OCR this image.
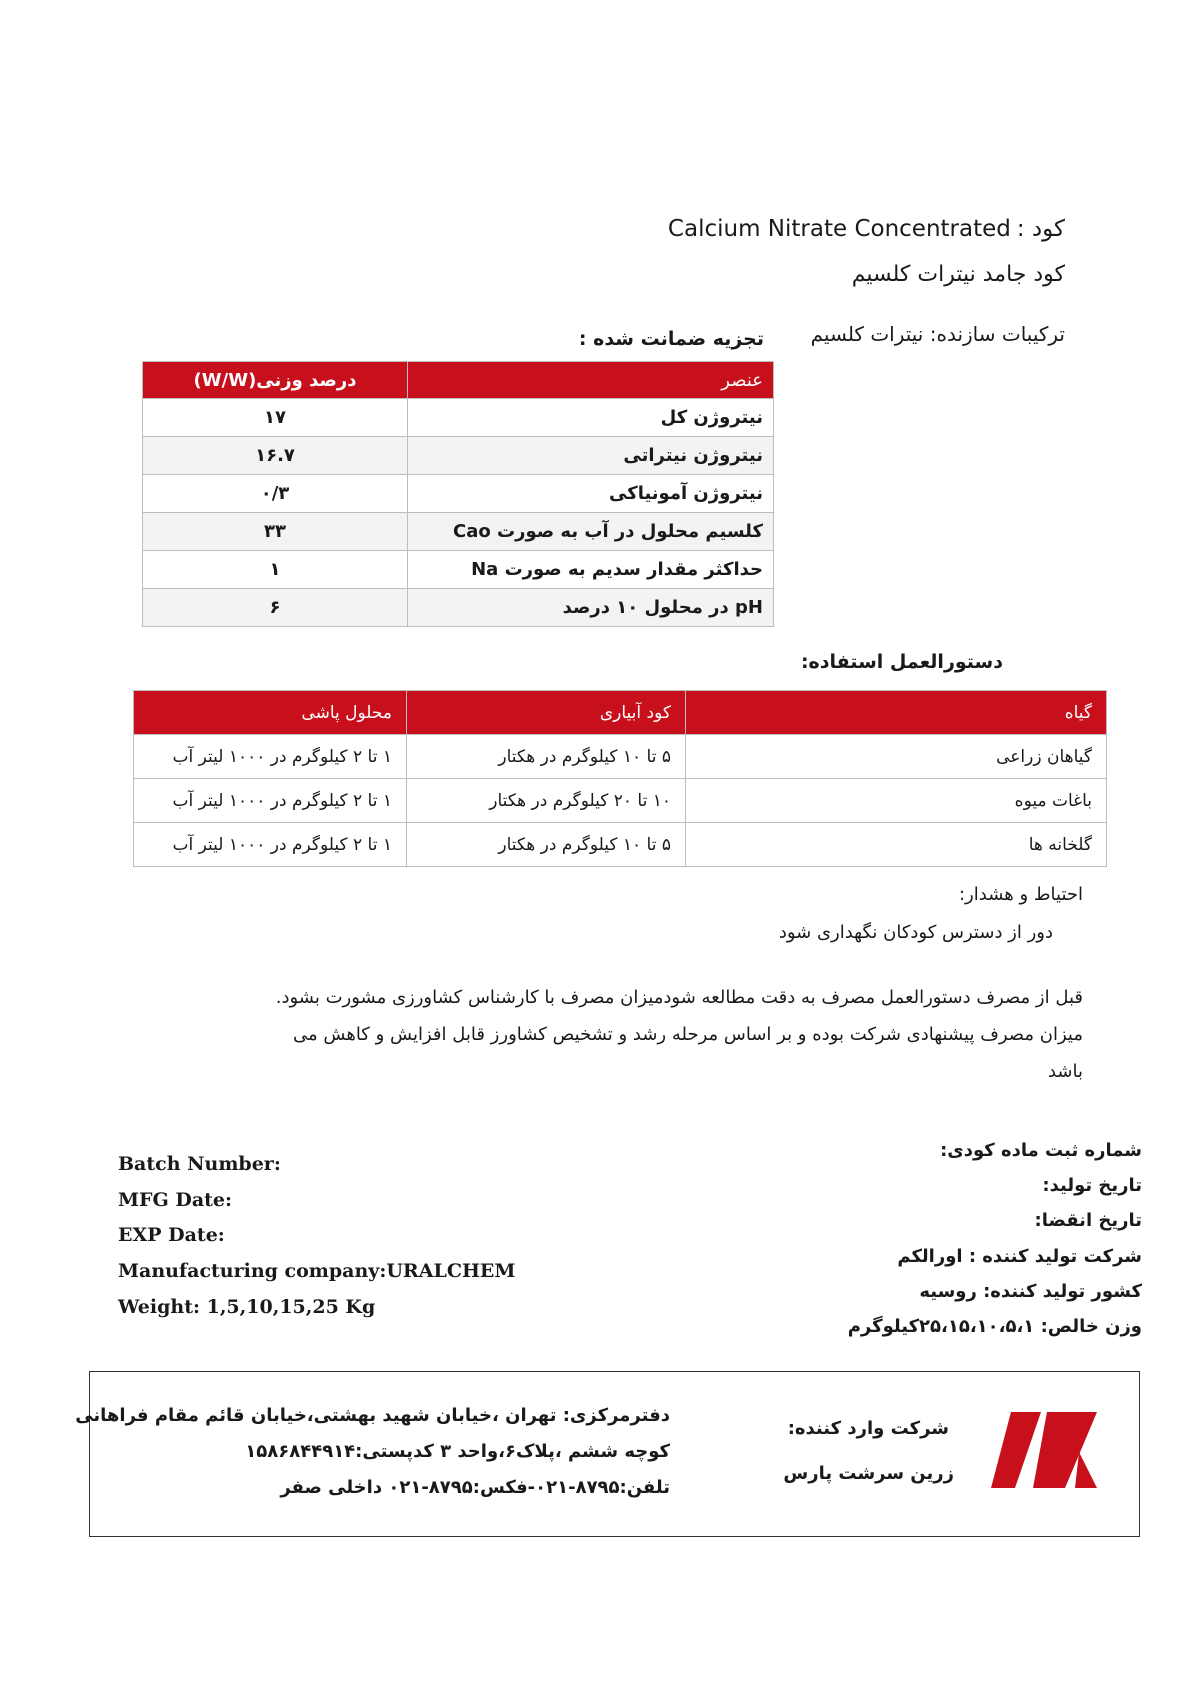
کود :Calcium Nitrate Concentrated
کود جامد نیترات کلسیم
ترکیبات سازنده: نیترات کلسیم
تجزیه ضمانت شده :
عنصر	درصد وزنی(W/W)
نیتروژن کل	۱۷
نیتروژن نیتراتی	۱۶.۷
نیتروژن آمونیاکی	۰/۳
کلسیم محلول در آب به صورت Cao	۳۳
حداکثر مقدار سدیم به صورت Na	۱
pH در محلول ۱۰ درصد	۶
دستورالعمل استفاده:
گیاه	کود آبیاری	محلول پاشی
گیاهان زراعی	۵ تا ۱۰ کیلوگرم در هکتار	۱ تا ۲ کیلوگرم در ۱۰۰۰ لیتر آب
باغات میوه	۱۰ تا ۲۰ کیلوگرم در هکتار	۱ تا ۲ کیلوگرم در ۱۰۰۰ لیتر آب
گلخانه ها	۵ تا ۱۰ کیلوگرم در هکتار	۱ تا ۲ کیلوگرم در ۱۰۰۰ لیتر آب
احتیاط و هشدار:
دور از دسترس کودکان نگهداری شود
قبل از مصرف دستورالعمل مصرف به دقت مطالعه شودمیزان مصرف با کارشناس کشاورزی مشورت بشود.
میزان مصرف پیشنهادی شرکت بوده و بر اساس مرحله رشد و تشخیص کشاورز قابل افزایش و کاهش می
باشد
Batch Number:
MFG Date:
EXP Date:
Manufacturing company:URALCHEM
Weight: 1,5,10,15,25 Kg
شماره ثبت ماده کودی:
تاریخ تولید:
تاریخ انقضا:
شرکت تولید کننده : اورالکم
کشور تولید کننده: روسیه
وزن خالص: ۲۵،۱۵،۱۰،۵،۱کیلوگرم
دفترمرکزی: تهران ،خیابان شهید بهشتی،خیابان قائم مقام فراهانی
کوچه ششم ،پلاک۶،واحد ۳ کدپستی:۱۵۸۶۸۴۴۹۱۴
تلفن:۸۷۹۵-۰۲۱-فکس:۸۷۹۵-۰۲۱ داخلی صفر
شرکت وارد کننده:
زرین سرشت پارس
